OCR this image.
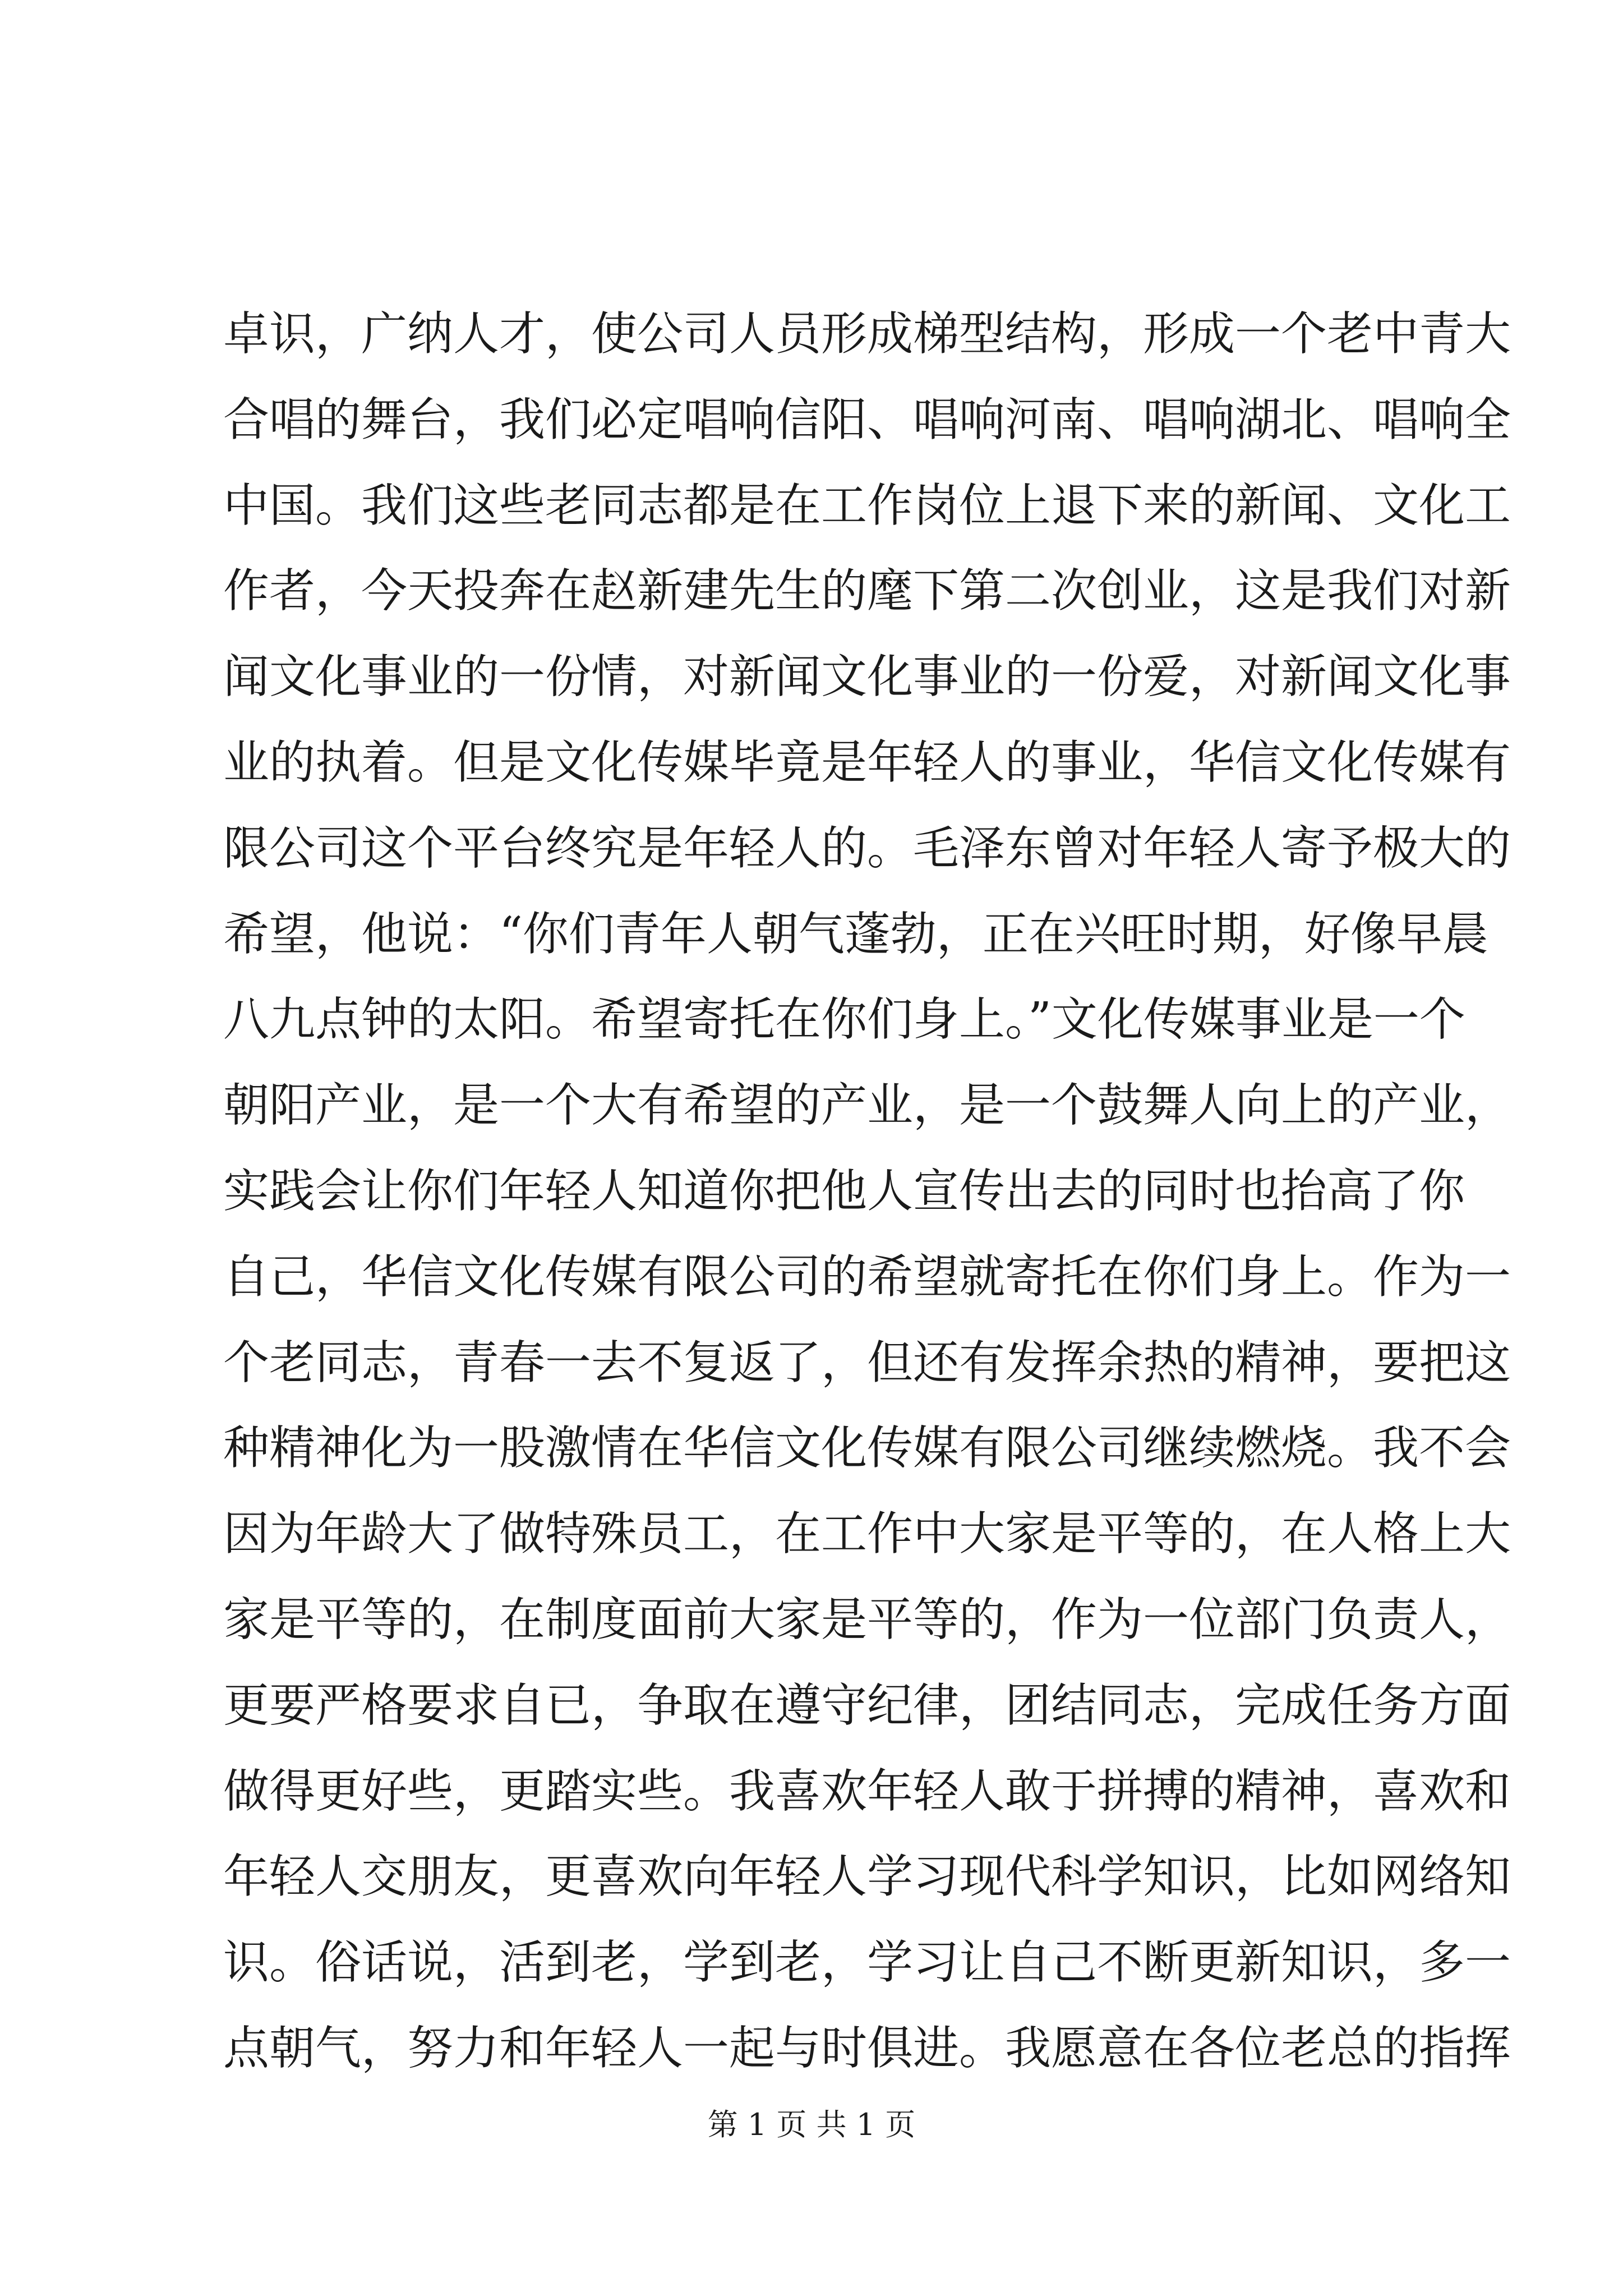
卓识，广纳人才，使公司人员形成梯型结构，形成一个老中青大
合唱的舞台，我们必定唱响信阳、唱响河南、唱响湖北、唱响全
中国。我们这些老同志都是在工作岗位上退下来的新闻、文化工
作者，今天投奔在赵新建先生的麾下第二次创业，这是我们对新
闻文化事业的一份情，对新闻文化事业的一份爱，对新闻文化事
业的执着。但是文化传媒毕竟是年轻人的事业，华信文化传媒有
限公司这个平台终究是年轻人的。毛泽东曾对年轻人寄予极大的
希望，他说：“你们青年人朝气蓬勃，正在兴旺时期，好像早晨
八九点钟的太阳。希望寄托在你们身上。”文化传媒事业是一个
朝阳产业，是一个大有希望的产业，是一个鼓舞人向上的产业，
实践会让你们年轻人知道你把他人宣传出去的同时也抬高了你
自己，华信文化传媒有限公司的希望就寄托在你们身上。作为一
个老同志，青春一去不复返了，但还有发挥余热的精神，要把这
种精神化为一股激情在华信文化传媒有限公司继续燃烧。我不会
因为年龄大了做特殊员工，在工作中大家是平等的，在人格上大
家是平等的，在制度面前大家是平等的，作为一位部门负责人，
更要严格要求自已，争取在遵守纪律，团结同志，完成任务方面
做得更好些，更踏实些。我喜欢年轻人敢于拼搏的精神，喜欢和
年轻人交朋友，更喜欢向年轻人学习现代科学知识，比如网络知
识。俗话说，活到老，学到老，学习让自己不断更新知识，多一
点朝气，努力和年轻人一起与时俱进。我愿意在各位老总的指挥
第 1 页 共 1 页
